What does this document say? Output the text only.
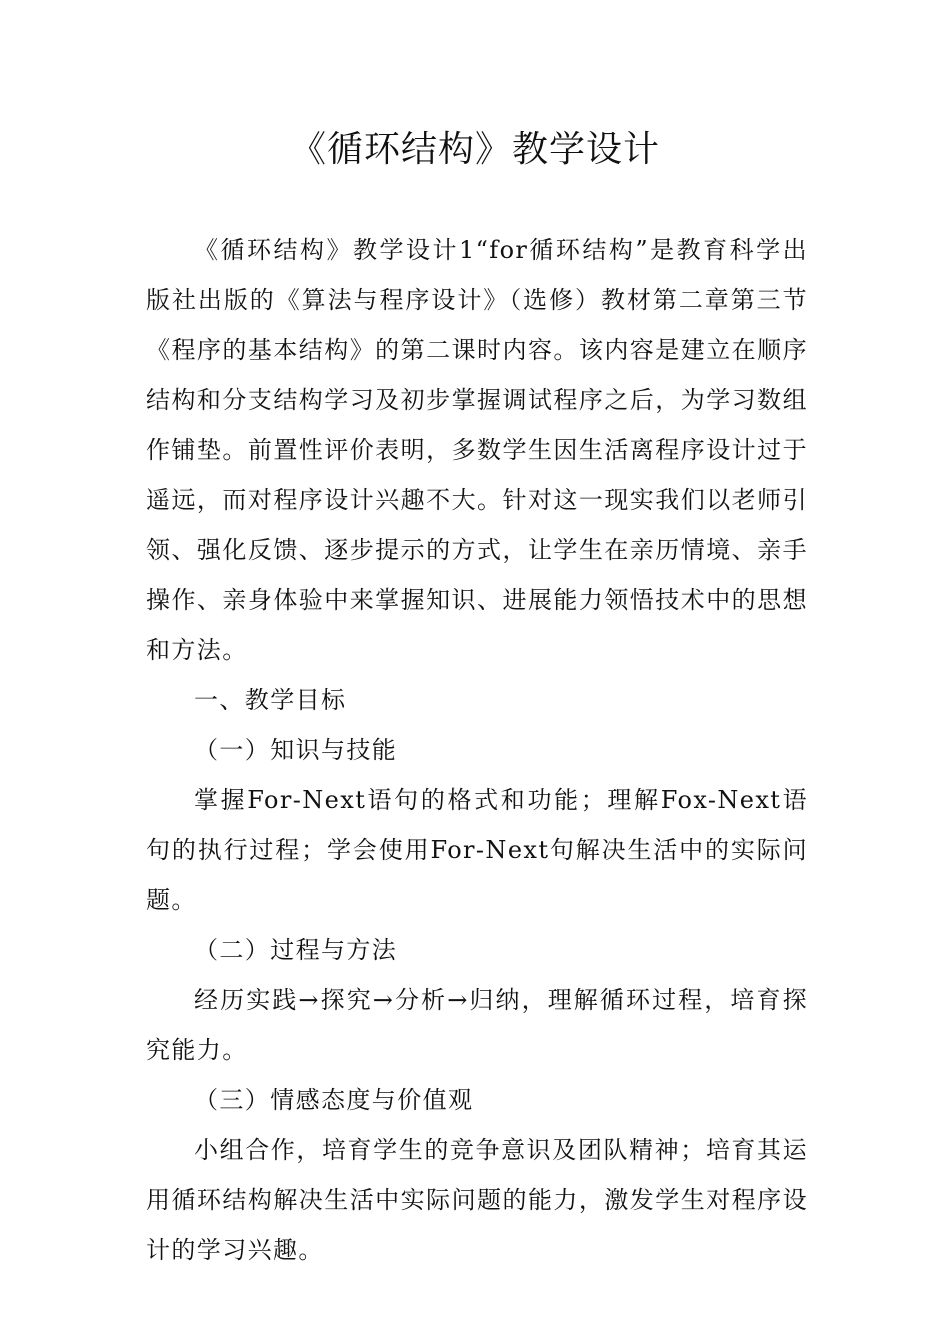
《循环结构》教学设计

《循环结构》教学设计1“for循环结构”是教育科学出版社出版的《算法与程序设计》（选修）教材第二章第三节《程序的基本结构》的第二课时内容。该内容是建立在顺序结构和分支结构学习及初步掌握调试程序之后，为学习数组作铺垫。前置性评价表明，多数学生因生活离程序设计过于遥远，而对程序设计兴趣不大。针对这一现实我们以老师引领、强化反馈、逐步提示的方式，让学生在亲历情境、亲手操作、亲身体验中来掌握知识、进展能力领悟技术中的思想和方法。

一、教学目标

（一）知识与技能

掌握For-Next语句的格式和功能；理解Fox-Next语句的执行过程；学会使用For-Next句解决生活中的实际问题。

（二）过程与方法

经历实践→探究→分析→归纳，理解循环过程，培育探究能力。

（三）情感态度与价值观

小组合作，培育学生的竞争意识及团队精神；培育其运用循环结构解决生活中实际问题的能力，激发学生对程序设计的学习兴趣。
